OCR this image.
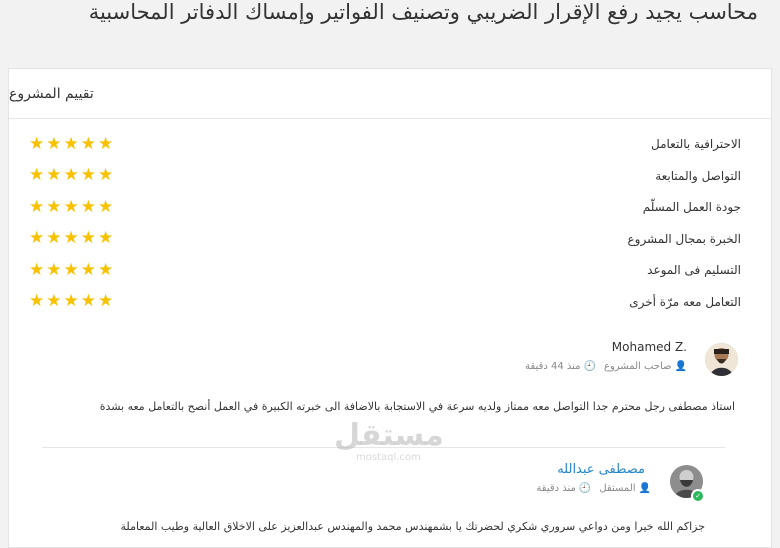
محاسب يجيد رفع الإقرار الضريبي وتصنيف الفواتير وإمساك الدفاتر المحاسبية
تقييم المشروع
★ ★ ★ ★ ★	الاحترافية بالتعامل
★ ★ ★ ★ ★	التواصل والمتابعة
★ ★ ★ ★ ★	جودة العمل المسلّم
★ ★ ★ ★ ★	الخبرة بمجال المشروع
★ ★ ★ ★ ★	التسليم فى الموعد
★ ★ ★ ★ ★	التعامل معه مرّة أخرى
Mohamed Z.
👤
صاحب المشروع
🕘
منذ 44 دقيقة
استاذ مصطفى رجل محترم جدا التواصل معه ممتاز ولديه سرعة في الاستجابة بالاضافة الى خبرته الكبيرة في العمل أنصح بالتعامل معه بشدة
✓
مصطفى عبدالله
👤
المستقل
🕘
منذ دقيقة
جزاكم الله خيرا ومن دواعي سروري شكري لحضرتك يا بشمهندس محمد والمهندس عبدالعزيز على الاخلاق العالية وطيب المعاملة
مستقل
mostaql.com
